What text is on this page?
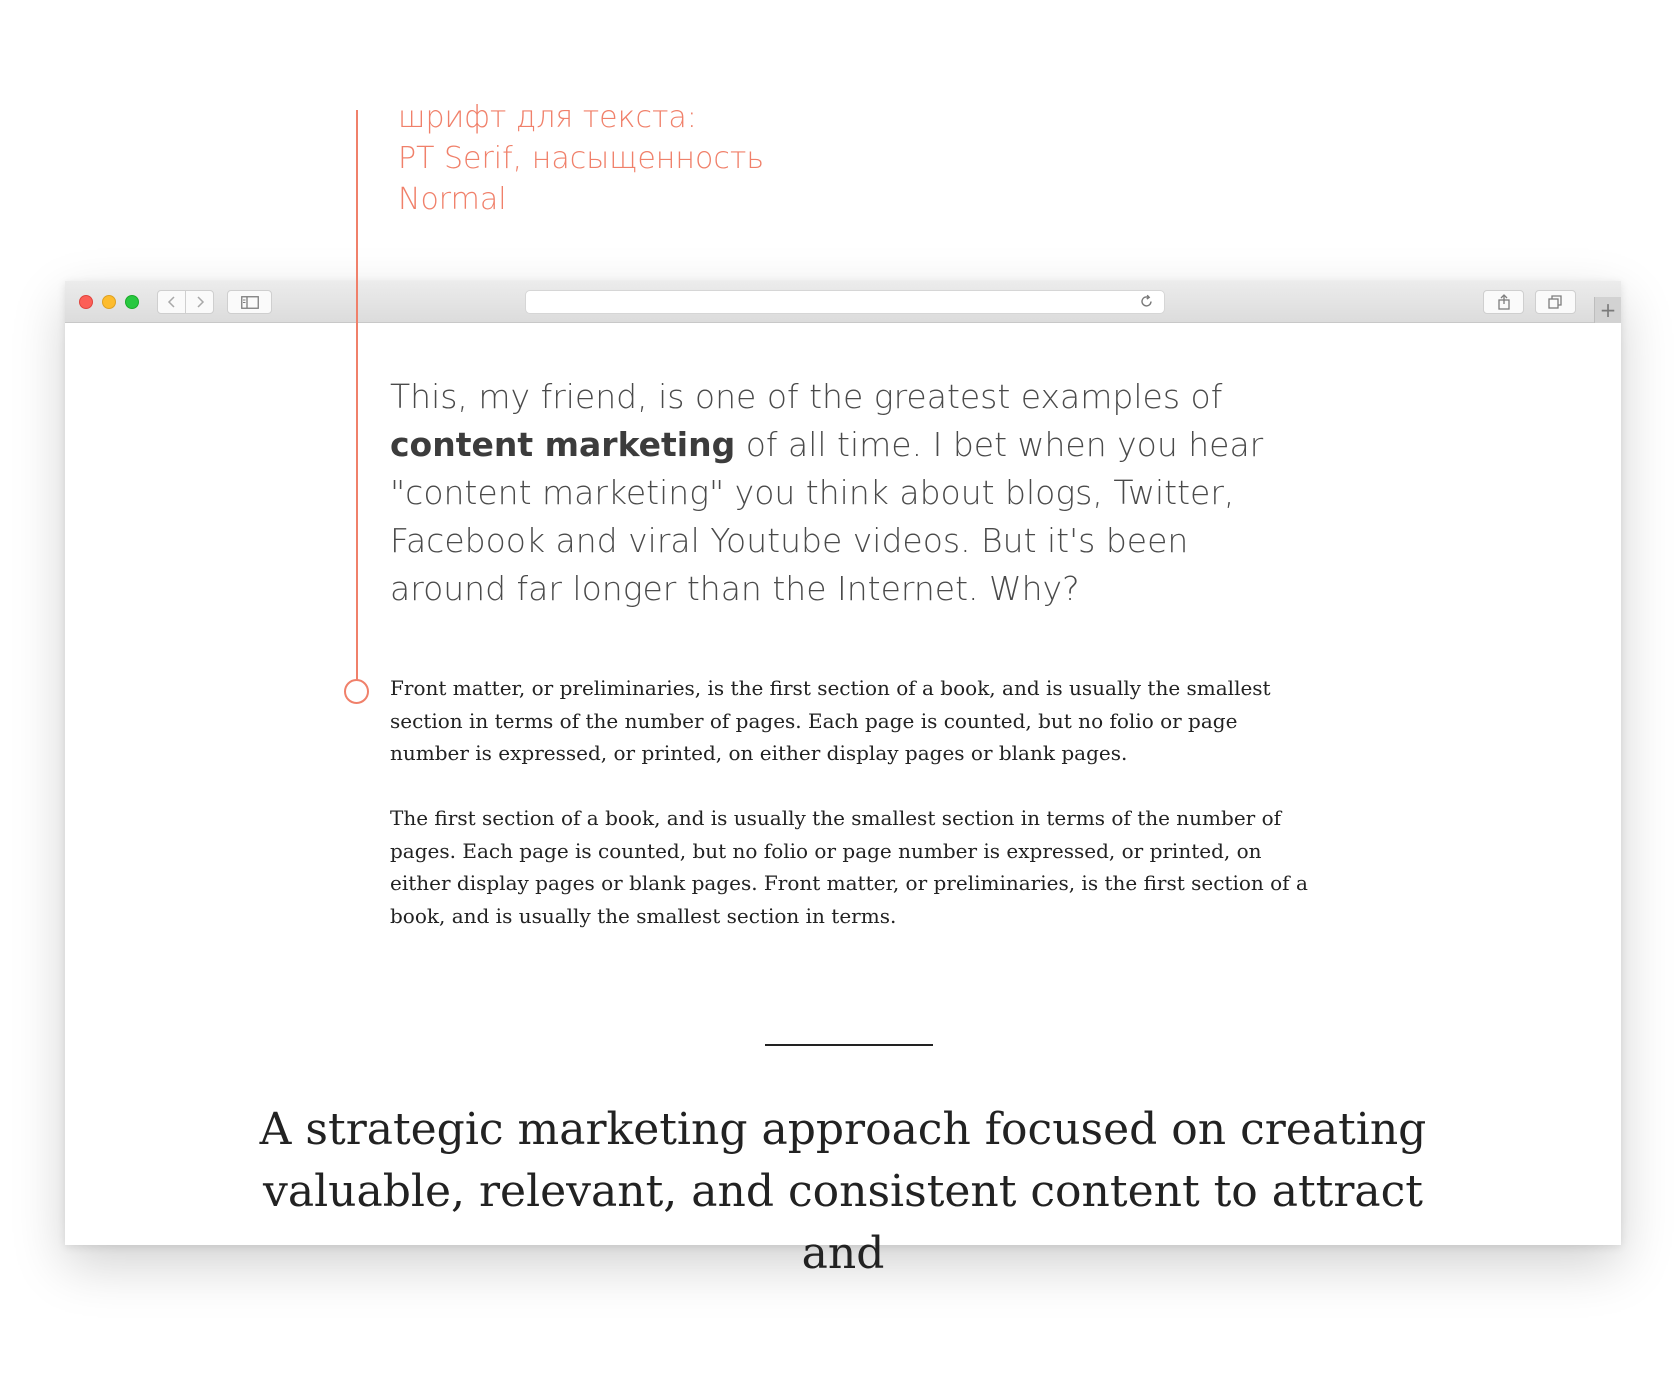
шрифт для текста:
PT Serif, насыщенность
Normal
+
This, my friend, is one of the greatest examples of content marketing of all time. I bet when you hear "content marketing" you think about blogs, Twitter, Facebook and viral Youtube videos. But it's been around far longer than the Internet. Why?

Front matter, or preliminaries, is the first section of a book, and is usually the smallest section in terms of the number of pages. Each page is counted, but no folio or page number is expressed, or printed, on either display pages or blank pages.

The first section of a book, and is usually the smallest section in terms of the number of pages. Each page is counted, but no folio or page number is expressed, or printed, on either display pages or blank pages. Front matter, or preliminaries, is the first section of a book, and is usually the smallest section in terms.

A strategic marketing approach focused on creating valuable, relevant, and consistent content to attract and
